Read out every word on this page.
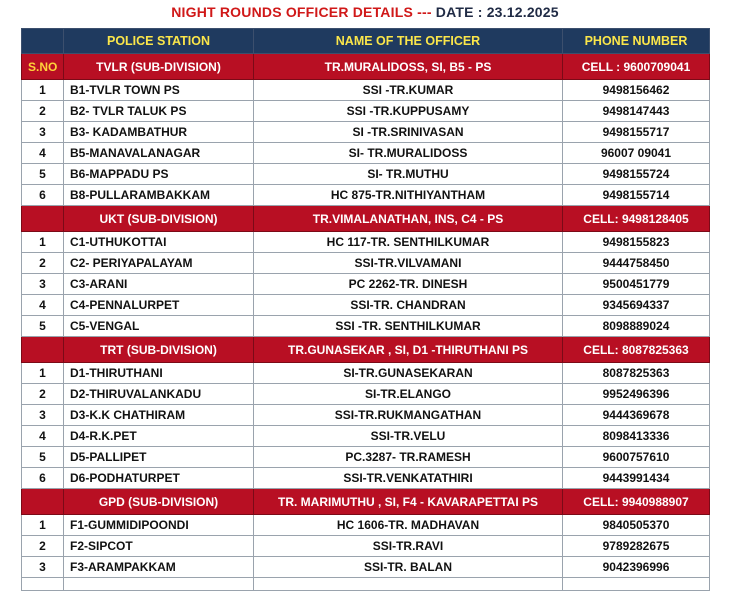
NIGHT ROUNDS OFFICER DETAILS --- DATE : 23.12.2025
	POLICE STATION	NAME OF THE OFFICER	PHONE NUMBER
S.NO	TVLR (SUB-DIVISION)	TR.MURALIDOSS, SI, B5 - PS	CELL : 9600709041
1	B1-TVLR TOWN PS	SSI -TR.KUMAR	9498156462
2	B2- TVLR TALUK PS	SSI -TR.KUPPUSAMY	9498147443
3	B3- KADAMBATHUR	SI -TR.SRINIVASAN	9498155717
4	B5-MANAVALANAGAR	SI- TR.MURALIDOSS	96007 09041
5	B6-MAPPADU PS	SI- TR.MUTHU	9498155724
6	B8-PULLARAMBAKKAM	HC 875-TR.NITHIYANTHAM	9498155714
	UKT (SUB-DIVISION)	TR.VIMALANATHAN, INS, C4 - PS	CELL: 9498128405
1	C1-UTHUKOTTAI	HC 117-TR. SENTHILKUMAR	9498155823
2	C2- PERIYAPALAYAM	SSI-TR.VILVAMANI	9444758450
3	C3-ARANI	PC 2262-TR. DINESH	9500451779
4	C4-PENNALURPET	SSI-TR. CHANDRAN	9345694337
5	C5-VENGAL	SSI -TR. SENTHILKUMAR	8098889024
	TRT (SUB-DIVISION)	TR.GUNASEKAR , SI, D1 -THIRUTHANI PS	CELL: 8087825363
1	D1-THIRUTHANI	SI-TR.GUNASEKARAN	8087825363
2	D2-THIRUVALANKADU	SI-TR.ELANGO	9952496396
3	D3-K.K CHATHIRAM	SSI-TR.RUKMANGATHAN	9444369678
4	D4-R.K.PET	SSI-TR.VELU	8098413336
5	D5-PALLIPET	PC.3287- TR.RAMESH	9600757610
6	D6-PODHATURPET	SSI-TR.VENKATATHIRI	9443991434
	GPD (SUB-DIVISION)	TR. MARIMUTHU , SI, F4 - KAVARAPETTAI PS	CELL: 9940988907
1	F1-GUMMIDIPOONDI	HC 1606-TR. MADHAVAN	9840505370
2	F2-SIPCOT	SSI-TR.RAVI	9789282675
3	F3-ARAMPAKKAM	SSI-TR. BALAN	9042396996
